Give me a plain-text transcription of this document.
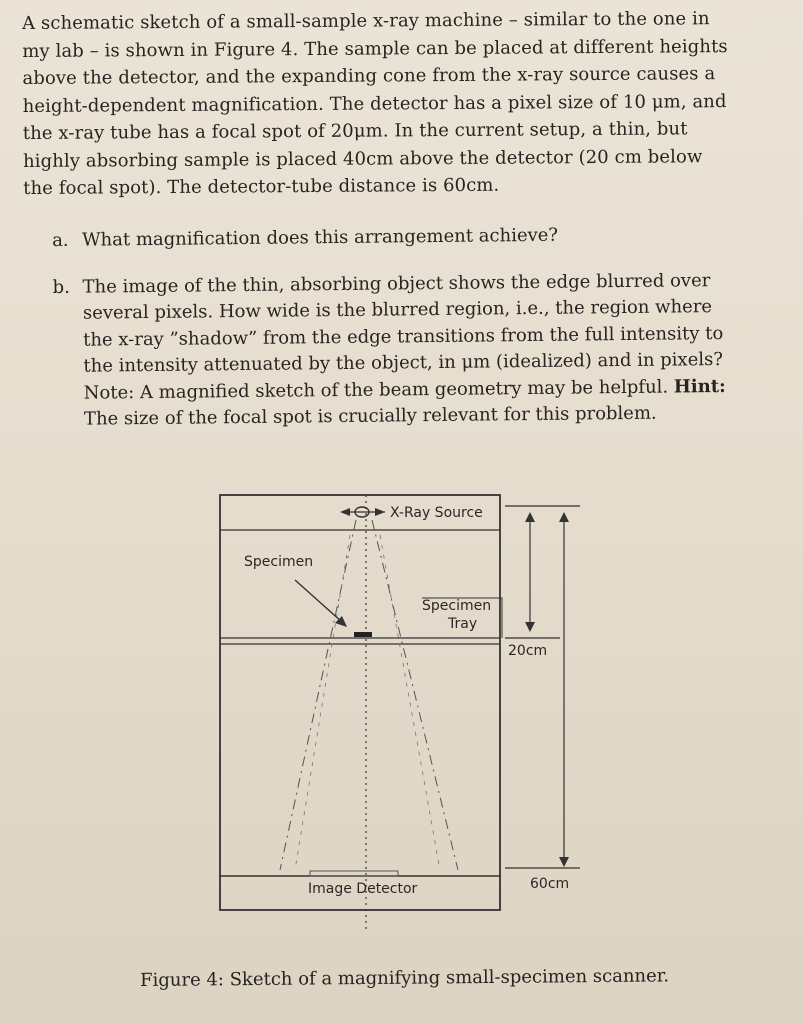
A schematic sketch of a small-sample x-ray machine – similar to the one in
my lab – is shown in Figure 4. The sample can be placed at different heights
above the detector, and the expanding cone from the x-ray source causes a
height-dependent magnification. The detector has a pixel size of 10 μm, and
the x-ray tube has a focal spot of 20μm. In the current setup, a thin, but
highly absorbing sample is placed 40cm above the detector (20 cm below
the focal spot). The detector-tube distance is 60cm.
a. What magnification does this arrangement achieve?
b. The image of the thin, absorbing object shows the edge blurred over
several pixels. How wide is the blurred region, i.e., the region where
the x-ray ”shadow” from the edge transitions from the full intensity to
the intensity attenuated by the object, in μm (idealized) and in pixels?
Note: A magnified sketch of the beam geometry may be helpful. Hint:
The size of the focal spot is crucially relevant for this problem.
X-Ray Source
Specimen
Specimen
Tray
20cm
60cm
Image Detector
Figure 4: Sketch of a magnifying small-specimen scanner.
